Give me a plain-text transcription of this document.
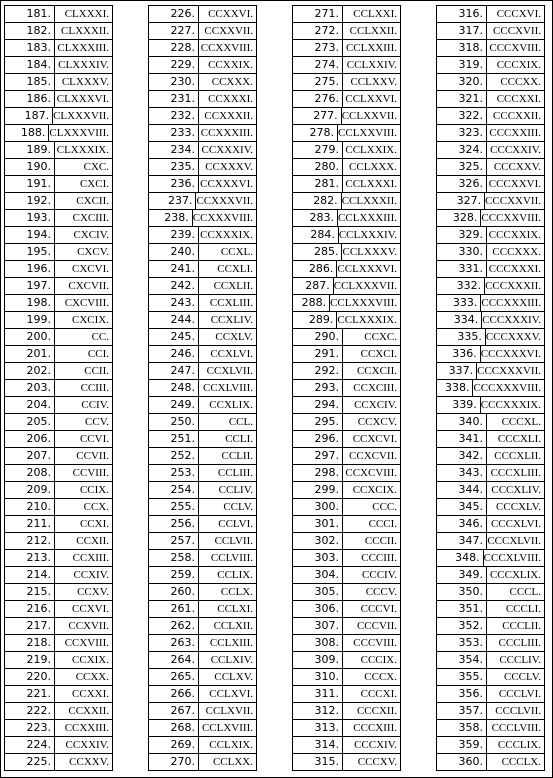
181.	CLXXXI.
182. CLXXXII.
183. CLXXXIII.
184. CLXXXIV.
185. CLXXXV.
186. CLXXXVI.
187. CLXXXVII.
188. CLXXXVIII.
189. CLXXXIX.
190.	CXC.
191.	CXCI.
192.	CXCII.
193.	CXCIII.
194.	CXCIV.
195.	CXCV.
196.	CXCVI.
197.	CXCVII.
198.	CXCVIII.
199.	CXCIX.
200.	CC.
201.	CCI.
202.	CCII.
203.	CCIII.
204.	CCIV.
205.	CCV.
206.	CCVI.
207.	CCVII.
208.	CCVIII.
209.	CCIX.
210.	CCX.
211.	CCXI.
212.	CCXII.
213.	CCXIII.
214.	CCXIV.
215.	CCXV.
216.	CCXVI.
217.	CCXVII.
218.	CCXVIII.
219.	CCXIX.
220.	CCXX.
221.	CCXXI.
222.	CCXXII.
223.	CCXXIII.
224.	CCXXIV.
225.	CCXXV.
226.	CCXXVI.
227. CCXXVII.
228. CCXXVIII.
229.	CCXXIX.
230.	CCXXX.
231.	CCXXXI.
232. CCXXXII.
233. CCXXXIII.
234. CCXXXIV.
235. CCXXXV.
236. CCXXXVI.
237. CCXXXVII.
238. CCXXXVIII.
239. CCXXXIX.
240.	CCXL.
241.	CCXLI.
242.	CCXLII.
243.	CCXLIII.
244.	CCXLIV.
245.	CCXLV.
246.	CCXLVI.
247.	CCXLVII.
248. CCXLVIII.
249.	CCXLIX.
250.	CCL.
251.	CCLI.
252.	CCLII.
253.	CCLIII.
254.	CCLIV.
255.	CCLV.
256.	CCLVI.
257.	CCLVII.
258.	CCLVIII.
259.	CCLIX.
260.	CCLX.
261.	CCLXI.
262.	CCLXII.
263.	CCLXIII.
264.	CCLXIV.
265.	CCLXV.
266.	CCLXVI.
267. CCLXVII.
268. CCLXVIII.
269.	CCLXIX.
270.	CCLXX.
271.	CCLXXI.
272. CCLXXII.
273. CCLXXIII.
274. CCLXXIV.
275.	CCLXXV.
276. CCLXXVI.
277. CCLXXVII.
278. CCLXXVIII.
279. CCLXXIX.
280. CCLXXX.
281. CCLXXXI.
282. CCLXXXII.
283. CCLXXXIII.
284. CCLXXXIV.
285. CCLXXXV.
286. CCLXXXVI.
287. CCLXXXVII.
288. CCLXXXVIII.
289. CCLXXXIX.
290.	CCXC.
291.	CCXCI.
292.	CCXCII.
293.	CCXCIII.
294.	CCXCIV.
295.	CCXCV.
296.	CCXCVI.
297. CCXCVII.
298. CCXCVIII.
299.	CCXCIX.
300.	CCC.
301.	CCCI.
302.	CCCII.
303.	CCCIII.
304.	CCCIV.
305.	CCCV.
306.	CCCVI.
307.	CCCVII.
308.	CCCVIII.
309.	CCCIX.
310.	CCCX.
311.	CCCXI.
312.	CCCXII.
313.	CCCXIII.
314.	CCCXIV.
315.	CCCXV.
316.	CCCXVI.
317. CCCXVII.
318. CCCXVIII.
319.	CCCXIX.
320.	CCCXX.
321.	CCCXXI.
322. CCCXXII.
323. CCCXXIII.
324. CCCXXIV.
325. CCCXXV.
326. CCCXXVI.
327. CCCXXVII.
328. CCCXXVIII.
329. CCCXXIX.
330. CCCXXX.
331. CCCXXXI.
332. CCCXXXII.
333. CCCXXXIII.
334. CCCXXXIV.
335. CCCXXXV.
336. CCCXXXVI.
337. CCCXXXVII.
338. CCCXXXVIII.
339. CCCXXXIX.
340.	CCCXL.
341.	CCCXLI.
342.	CCCXLII.
343. CCCXLIII.
344. CCCXLIV.
345.	CCCXLV.
346. CCCXLVI.
347. CCCXLVII.
348. CCCXLVIII.
349. CCCXLIX.
350.	CCCL.
351.	CCCLI.
352.	CCCLII.
353.	CCCLIII.
354.	CCCLIV.
355.	CCCLV.
356.	CCCLVI.
357.	CCCLVII.
358. CCCLVIII.
359.	CCCLIX.
360.	CCCLX.
